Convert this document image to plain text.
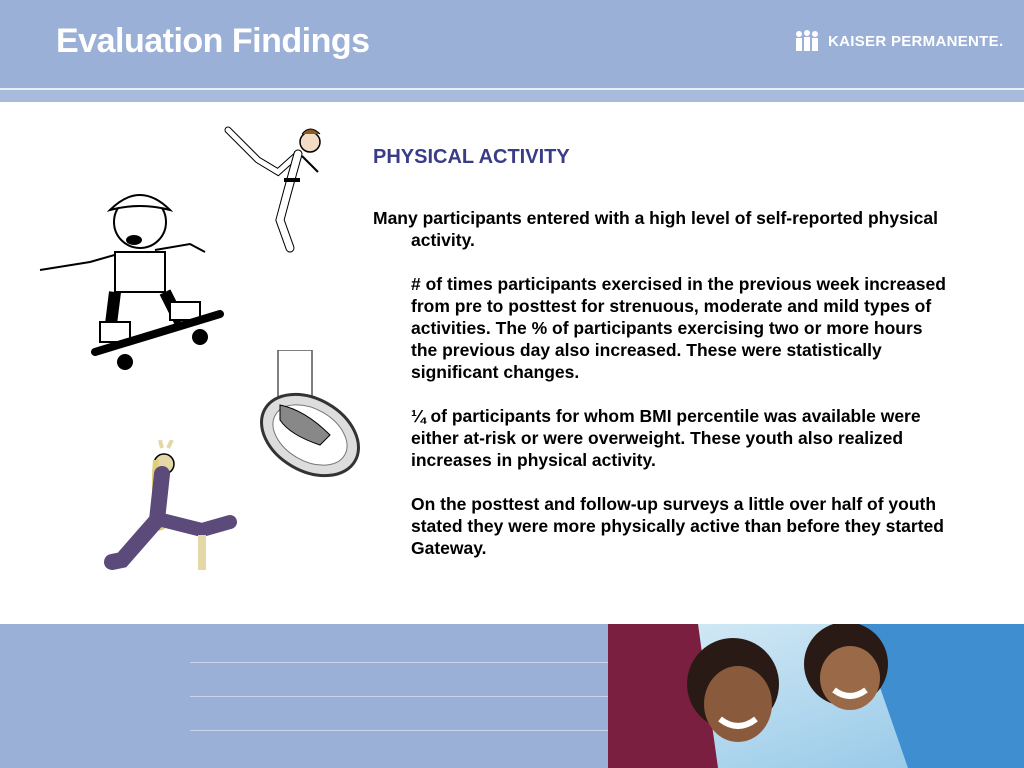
Evaluation Findings	KAISER PERMANENTE.
PHYSICAL ACTIVITY
Many participants entered with a high level of self-reported physical activity.
# of times participants exercised in the previous week increased from pre to posttest for strenuous, moderate and mild types of activities. The % of participants exercising two or more hours the previous day also increased. These were statistically significant changes.
¼ of participants for whom BMI percentile was available were either at-risk or were overweight. These youth also realized increases in physical activity.
On the posttest and follow-up surveys a little over half of youth stated they were more physically active than before they started Gateway.
